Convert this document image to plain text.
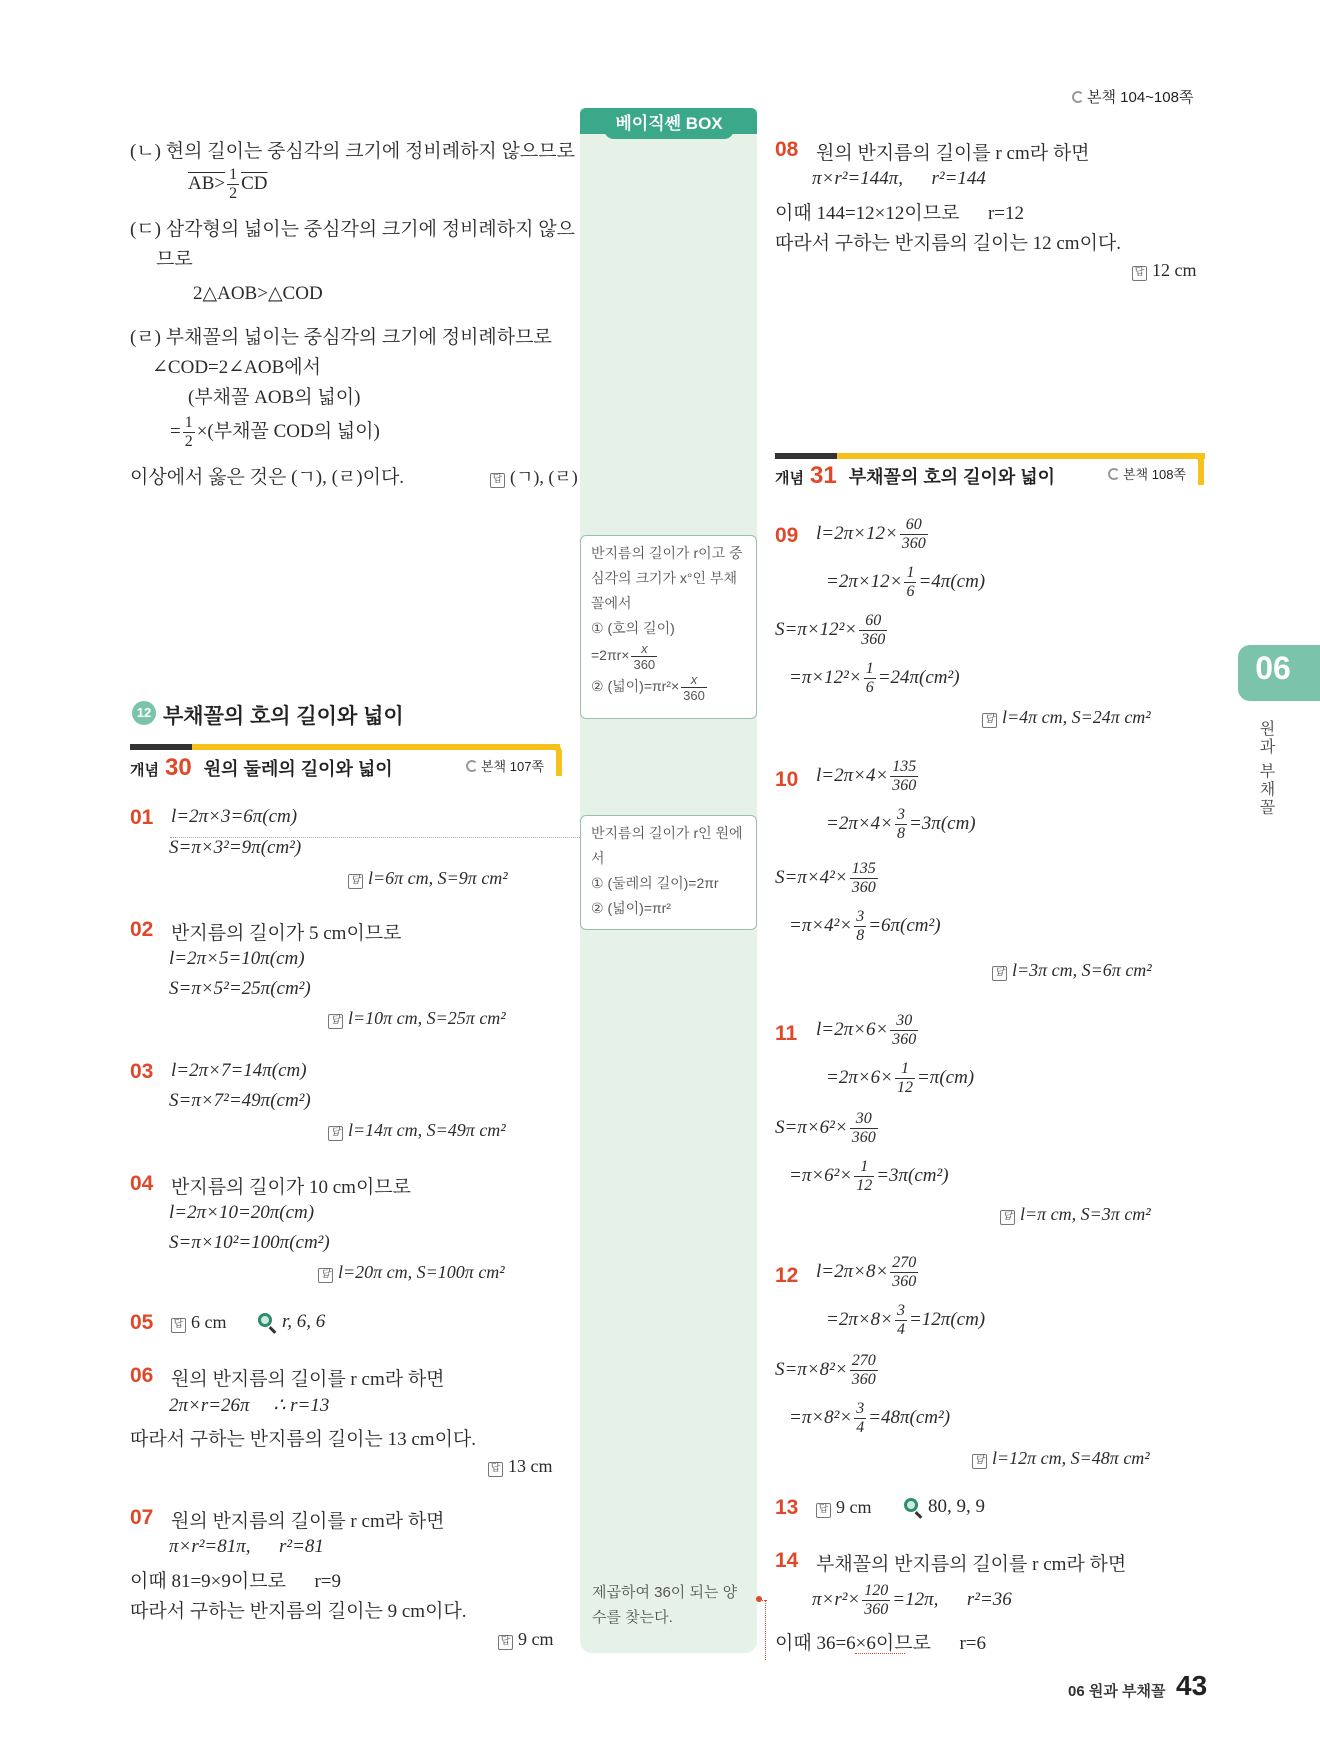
본책 104~108쪽
베이직쎈 BOX
반지름의 길이가 r이고 중심각의 크기가 x°인 부채꼴에서
① (호의 길이)
$=2\pi r\times \frac{x}{360}$
② (넓이)$=\pi r^2\times \frac{x}{360}$
반지름의 길이가 r인 원에서
① (둘레의 길이)=2πr
② (넓이)=πr²
제곱하여 36이 되는 양수를 찾는다.
(ㄴ) 현의 길이는 중심각의 크기에 정비례하지 않으므로
$AB> \frac{1}{2} \overline{CD}$
(ㄷ) 삼각형의 넓이는 중심각의 크기에 정비례하지 않으
므로
2△AOB>△COD
(ㄹ) 부채꼴의 넓이는 중심각의 크기에 정비례하므로
∠COD=2∠AOB에서
(부채꼴 AOB의 넓이)
= $\frac{1}{2}$ ×(부채꼴 COD의 넓이)
이상에서 옳은 것은 (ㄱ), (ㄹ)이다.	답 (ㄱ), (ㄹ)
12 부채꼴의 호의 길이와 넓이
개념 30 원의 둘레의 길이와 넓이	본책 107쪽
01 l=2π×3=6π(cm)
S=π×3²=9π(cm²)
답 l=6π cm, S=9π cm²
02 반지름의 길이가 5 cm이므로
l=2π×5=10π(cm)
S=π×5²=25π(cm²)
답 l=10π cm, S=25π cm²
03 l=2π×7=14π(cm)
S=π×7²=49π(cm²)
답 l=14π cm, S=49π cm²
04 반지름의 길이가 10 cm이므로
l=2π×10=20π(cm)
S=π×10²=100π(cm²)
답 l=20π cm, S=100π cm²
05 답 6 cm	r, 6, 6
06 원의 반지름의 길이를 r cm라 하면
2π×r=26π     ∴ r=13
따라서 구하는 반지름의 길이는 13 cm이다.
답 13 cm
07 원의 반지름의 길이를 r cm라 하면
π×r²=81π,      r²=81
이때 81=9×9이므로      r=9
따라서 구하는 반지름의 길이는 9 cm이다.
답 9 cm
08 원의 반지름의 길이를 r cm라 하면
π×r²=144π,      r²=144
이때 144=12×12이므로      r=12
따라서 구하는 반지름의 길이는 12 cm이다.
답 12 cm
개념 31 부채꼴의 호의 길이와 넓이	본책 108쪽
09 $l=2\pi\times 12\times \frac{60}{360}$
$=2\pi\times 12\times \frac{1}{6} =4\pi(cm)$
$S=\pi\times 12^2\times \frac{60}{360}$
$=\pi\times 12^2\times \frac{1}{6} =24\pi(cm^2)$
답 l=4π cm, S=24π cm²
10 $l=2\pi\times 4\times \frac{135}{360}$
$=2\pi\times 4\times \frac{3}{8} =3\pi(cm)$
$S=\pi\times 4^2\times \frac{135}{360}$
$=\pi\times 4^2\times \frac{3}{8} =6\pi(cm^2)$
답 l=3π cm, S=6π cm²
11 $l=2\pi\times 6\times \frac{30}{360}$
$=2\pi\times 6\times \frac{1}{12} =\pi(cm)$
$S=\pi\times 6^2\times \frac{30}{360}$
$=\pi\times 6^2\times \frac{1}{12} =3\pi(cm^2)$
답 l=π cm, S=3π cm²
12 $l=2\pi\times 8\times \frac{270}{360}$
$=2\pi\times 8\times \frac{3}{4} =12\pi(cm)$
$S=\pi\times 8^2\times \frac{270}{360}$
$=\pi\times 8^2\times \frac{3}{4} =48\pi(cm^2)$
답 l=12π cm, S=48π cm²
13 답 9 cm	80, 9, 9
14 부채꼴의 반지름의 길이를 r cm라 하면
$\pi\times r^2\times \frac{120}{360} =12\pi$,      r²=36
이때 36=6×6이므로      r=6
06
원과 부채꼴
06 원과 부채꼴 43
